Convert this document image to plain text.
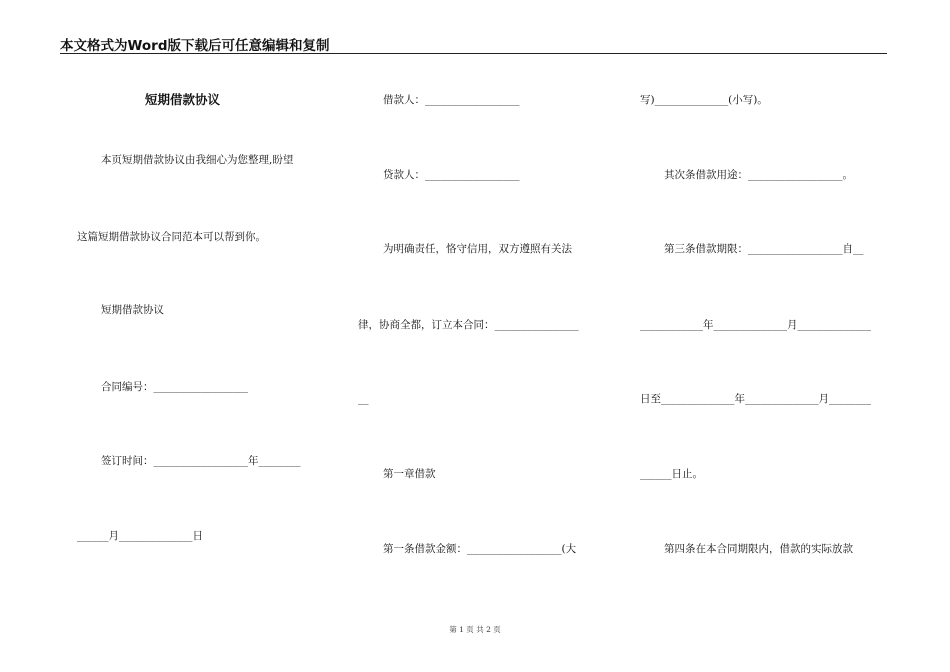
本文格式为Word版下载后可任意编辑和复制
短期借款协议
本页短期借款协议由我细心为您整理,盼望
这篇短期借款协议合同范本可以帮到你。
短期借款协议
合同编号：__________________
签订时间：__________________年________
______月______________日
借款人：__________________
贷款人：__________________
为明确责任，恪守信用，双方遵照有关法
律，协商全都，订立本合同：________________
__
第一章借款
第一条借款金额：__________________(大
写)______________(小写)。
其次条借款用途：__________________。
第三条借款期限：__________________自__
____________年______________月______________
日至______________年______________月________
______日止。
第四条在本合同期限内，借款的实际放款
第 1 页 共 2 页
